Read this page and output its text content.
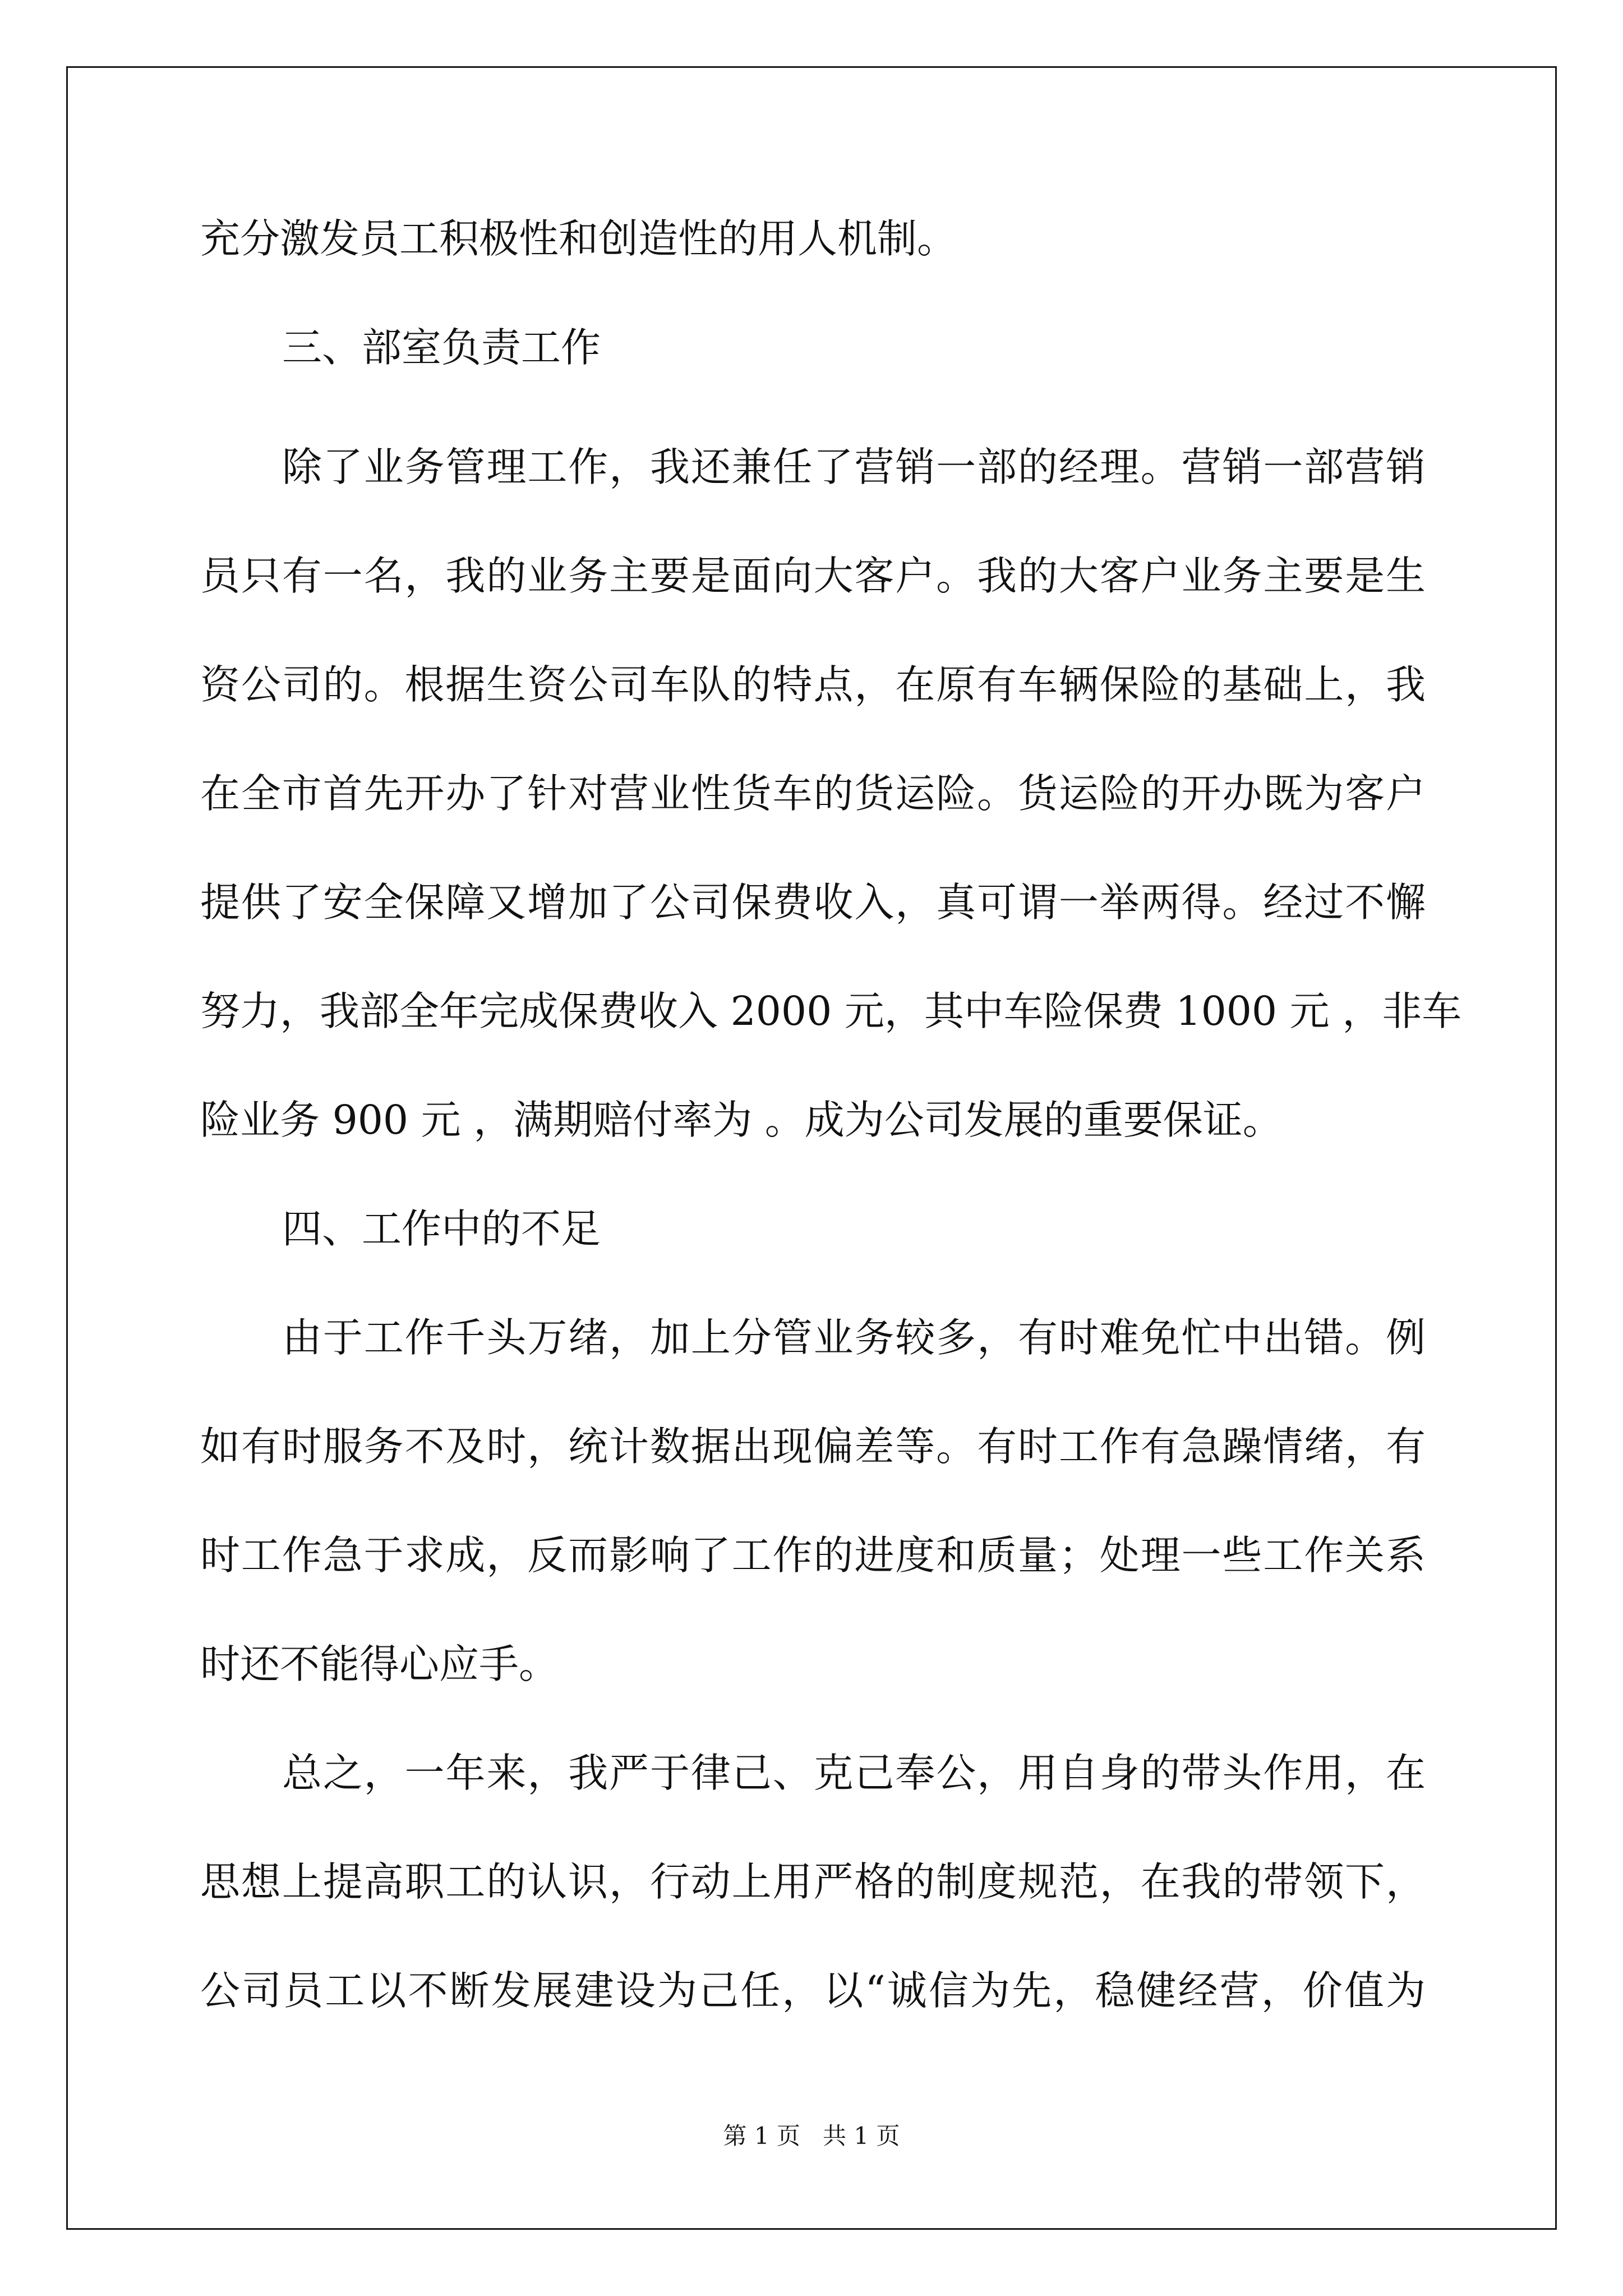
充分激发员工积极性和创造性的用人机制。

三、部室负责工作

除了业务管理工作，我还兼任了营销一部的经理。营销一部营销

员只有一名，我的业务主要是面向大客户。我的大客户业务主要是生

资公司的。根据生资公司车队的特点，在原有车辆保险的基础上，我

在全市首先开办了针对营业性货车的货运险。货运险的开办既为客户

提供了安全保障又增加了公司保费收入，真可谓一举两得。经过不懈

努力，我部全年完成保费收入 2000 元，其中车险保费 1000 元 ，非车

险业务 900 元 ，满期赔付率为 。成为公司发展的重要保证。

四、工作中的不足

由于工作千头万绪，加上分管业务较多，有时难免忙中出错。例

如有时服务不及时，统计数据出现偏差等。有时工作有急躁情绪，有

时工作急于求成，反而影响了工作的进度和质量；处理一些工作关系

时还不能得心应手。

总之，一年来，我严于律己、克己奉公，用自身的带头作用，在

思想上提高职工的认识，行动上用严格的制度规范，在我的带领下，

公司员工以不断发展建设为己任，以“诚信为先，稳健经营，价值为

第 1 页   共 1 页
